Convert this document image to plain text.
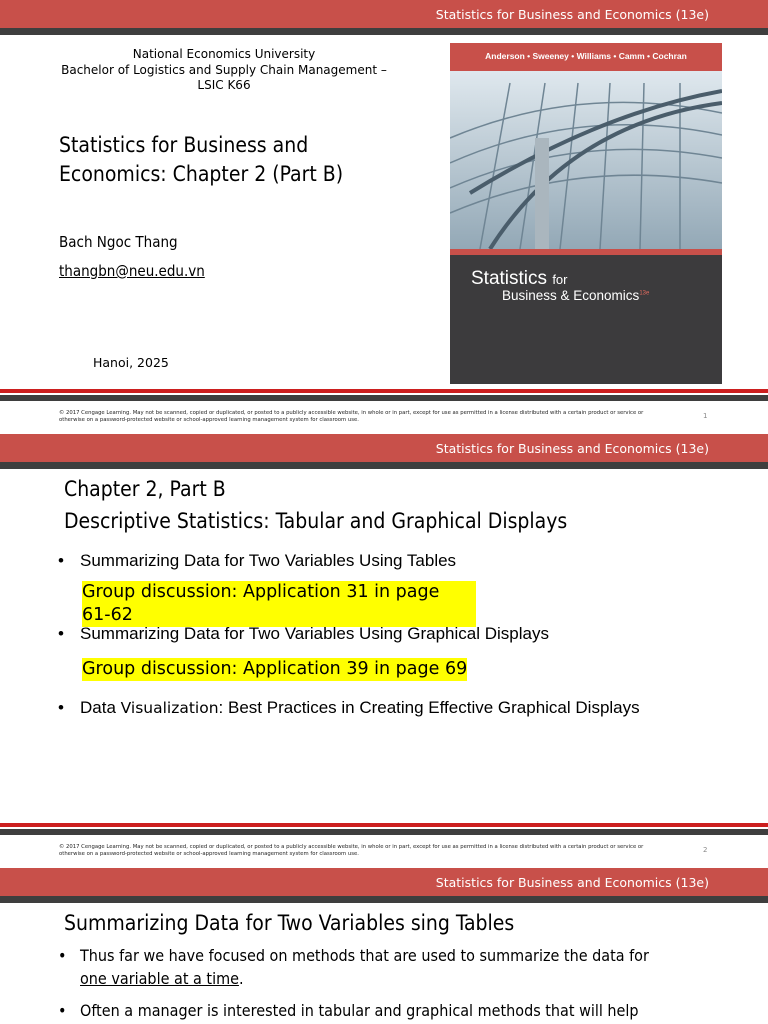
Statistics for Business and Economics (13e)
National Economics University
Bachelor of Logistics and Supply Chain Management –
LSIC K66
Statistics for Business and
Economics: Chapter 2 (Part B)
Bach Ngoc Thang
thangbn@neu.edu.vn
Hanoi, 2025
Anderson • Sweeney • Williams • Camm • Cochran
Statistics for
Business & Economics$^{13e}$
© 2017 Cengage Learning. May not be scanned, copied or duplicated, or posted to a publicly accessible website, in whole or in part, except for use as permitted in a license distributed with a certain product or service or otherwise on a password-protected website or school-approved learning management system for classroom use.	1
Statistics for Business and Economics (13e)
Chapter 2, Part B
Descriptive Statistics: Tabular and Graphical Displays
• Summarizing Data for Two Variables Using Tables
Group discussion: Application 31 in page
61-62
• Summarizing Data for Two Variables Using Graphical Displays
Group discussion: Application 39 in page 69
• Data Visualization: Best Practices in Creating Effective Graphical Displays
© 2017 Cengage Learning. May not be scanned, copied or duplicated, or posted to a publicly accessible website, in whole or in part, except for use as permitted in a license distributed with a certain product or service or otherwise on a password-protected website or school-approved learning management system for classroom use.	2
Statistics for Business and Economics (13e)
Summarizing Data for Two Variables sing Tables
• Thus far we have focused on methods that are used to summarize the data for
one variable at a time.
• Often a manager is interested in tabular and graphical methods that will help
